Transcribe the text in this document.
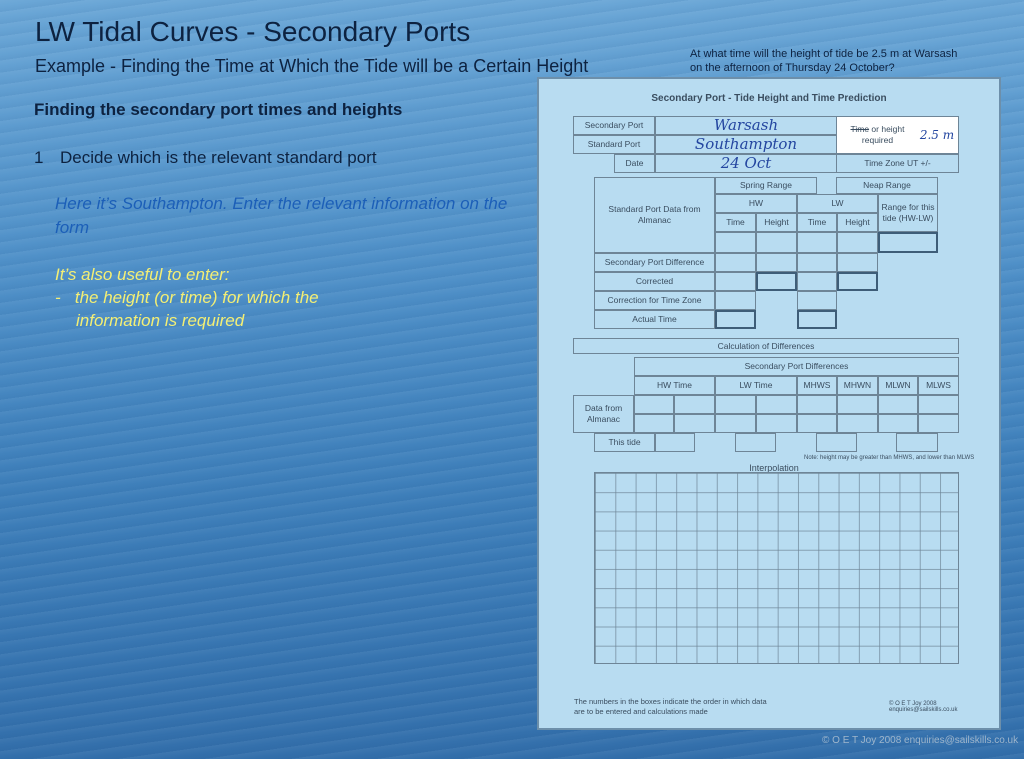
LW Tidal Curves - Secondary Ports
Example - Finding the Time at Which the Tide will be a Certain Height
At what time will the height of tide be 2.5 m at Warsash
on the afternoon of Thursday 24 October?
Finding the secondary port times and heights
1 Decide which is the relevant standard port
Here it’s Southampton. Enter the relevant information on the form
It’s also useful to enter:
- the height (or time) for which the
information is required
Secondary Port - Tide Height and Time Prediction
Secondary Port	Warsash	Time or height required	2.5 m
Standard Port	Southampton
Date	24 Oct	Time Zone UT +/-
Spring Range	Neap Range
Standard Port Data from Almanac
HW	LW	Range for this tide (HW-LW)
Time	Height	Time	Height
Secondary Port Difference
Corrected
Correction for Time Zone
Actual Time
Calculation of Differences
Secondary Port Differences
HW Time	LW Time	MHWS	MHWN	MLWN	MLWS
Data from Almanac
This tide
Note: height may be greater than MHWS, and lower than MLWS
Interpolation
The numbers in the boxes indicate the order in which data
are to be entered and calculations made
© O E T Joy 2008 enquiries@sailskills.co.uk
© O E T Joy 2008 enquiries@sailskills.co.uk
